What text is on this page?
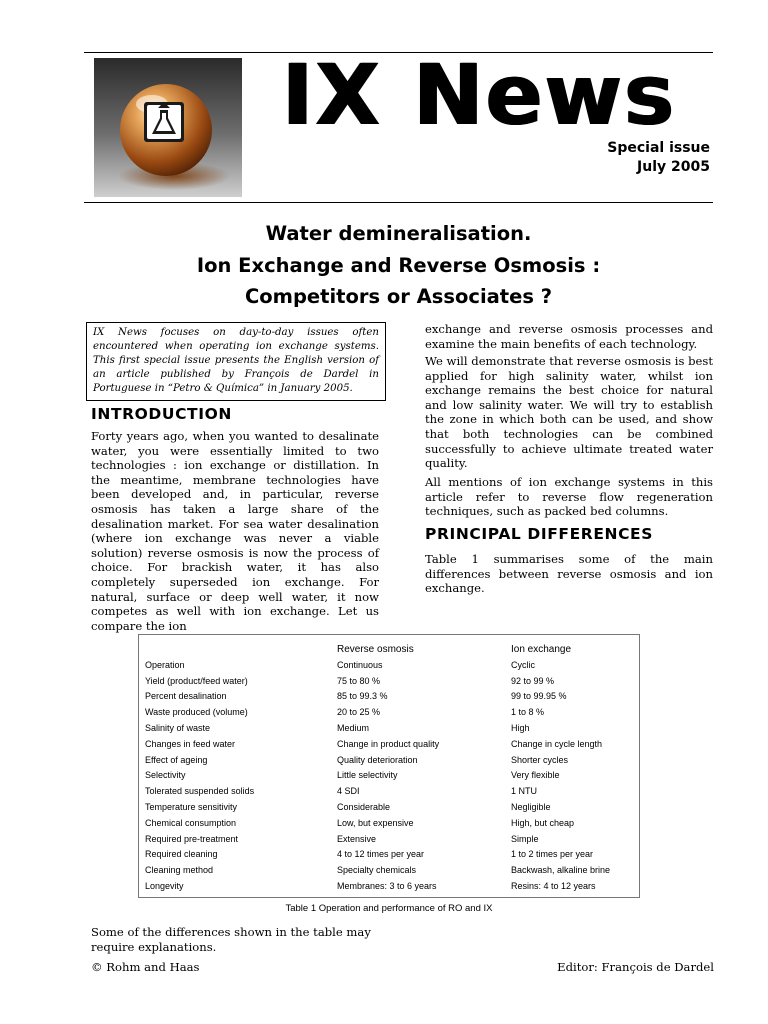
IX News
Special issue
July 2005
Water demineralisation.
Ion Exchange and Reverse Osmosis :
Competitors or Associates ?
IX News focuses on day-to-day issues often encountered when operating ion exchange systems. This first special issue presents the English version of an article published by François de Dardel in Portuguese in “Petro & Química” in January 2005.
INTRODUCTION
Forty years ago, when you wanted to desalinate water, you were essentially limited to two technologies : ion exchange or distillation. In the meantime, membrane technologies have been developed and, in particular, reverse osmosis has taken a large share of the desalination market. For sea water desalination (where ion exchange was never a viable solution) reverse osmosis is now the process of choice. For brackish water, it has also completely superseded ion exchange. For natural, surface or deep well water, it now competes as well with ion exchange. Let us compare the ion
exchange and reverse osmosis processes and examine the main benefits of each technology.
We will demonstrate that reverse osmosis is best applied for high salinity water, whilst ion exchange remains the best choice for natural and low salinity water. We will try to establish the zone in which both can be used, and show that both technologies can be combined successfully to achieve ultimate treated water quality.
All mentions of ion exchange systems in this article refer to reverse flow regeneration techniques, such as packed bed columns.
PRINCIPAL DIFFERENCES
Table 1 summarises some of the main differences between reverse osmosis and ion exchange.
	Reverse osmosis	Ion exchange
Operation	Continuous	Cyclic
Yield (product/feed water)	75 to 80 %	92 to 99 %
Percent desalination	85 to 99.3 %	99 to 99.95 %
Waste produced (volume)	20 to 25 %	1 to 8 %
Salinity of waste	Medium	High
Changes in feed water	Change in product quality	Change in cycle length
Effect of ageing	Quality deterioration	Shorter cycles
Selectivity	Little selectivity	Very flexible
Tolerated suspended solids	4 SDI	1 NTU
Temperature sensitivity	Considerable	Negligible
Chemical consumption	Low, but expensive	High, but cheap
Required pre-treatment	Extensive	Simple
Required cleaning	4 to 12 times per year	1 to 2 times per year
Cleaning method	Specialty chemicals	Backwash, alkaline brine
Longevity	Membranes: 3 to 6 years	Resins: 4 to 12 years
Table 1 Operation and performance of RO and IX
Some of the differences shown in the table may require explanations.
© Rohm and Haas	Editor: François de Dardel
